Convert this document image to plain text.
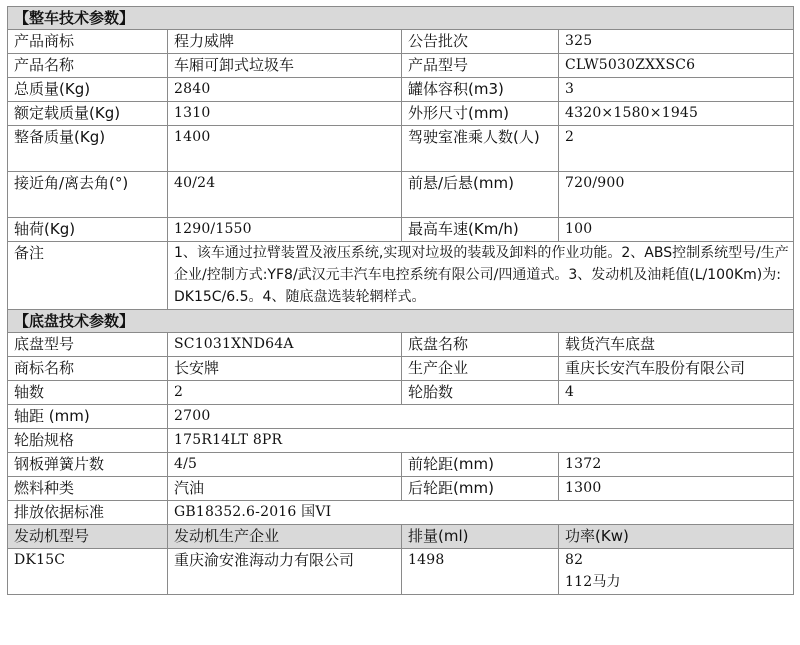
【整车技术参数】			
产品商标	程力威牌	公告批次	325
产品名称	车厢可卸式垃圾车	产品型号	CLW5030ZXXSC6
总质量(Kg)	2840	罐体容积(m3)	3
额定载质量(Kg)	1310	外形尺寸(mm)	4320×1580×1945
整备质量(Kg)	1400	驾驶室准乘人数(人)	2
接近角/离去角(°)	40/24	前悬/后悬(mm)	720/900
轴荷(Kg)	1290/1550	最高车速(Km/h)	100
备注	1、该车通过拉臂装置及液压系统,实现对垃圾的装载及卸料的作业功能。2、ABS控制系统型号/生产企业/控制方式:YF8/武汉元丰汽车电控系统有限公司/四通道式。3、发动机及油耗值(L/100Km)为:DK15C/6.5。4、随底盘选装轮辋样式。		
【底盘技术参数】			
底盘型号	SC1031XND64A	底盘名称	载货汽车底盘
商标名称	长安牌	生产企业	重庆长安汽车股份有限公司
轴数	2	轮胎数	4
轴距 (mm)	2700		
轮胎规格	175R14LT 8PR		
钢板弹簧片数	4/5	前轮距(mm)	1372
燃料种类	汽油	后轮距(mm)	1300
排放依据标准	GB18352.6-2016 国VI		
发动机型号	发动机生产企业	排量(ml)	功率(Kw)
DK15C	重庆渝安淮海动力有限公司	1498	82
112马力
